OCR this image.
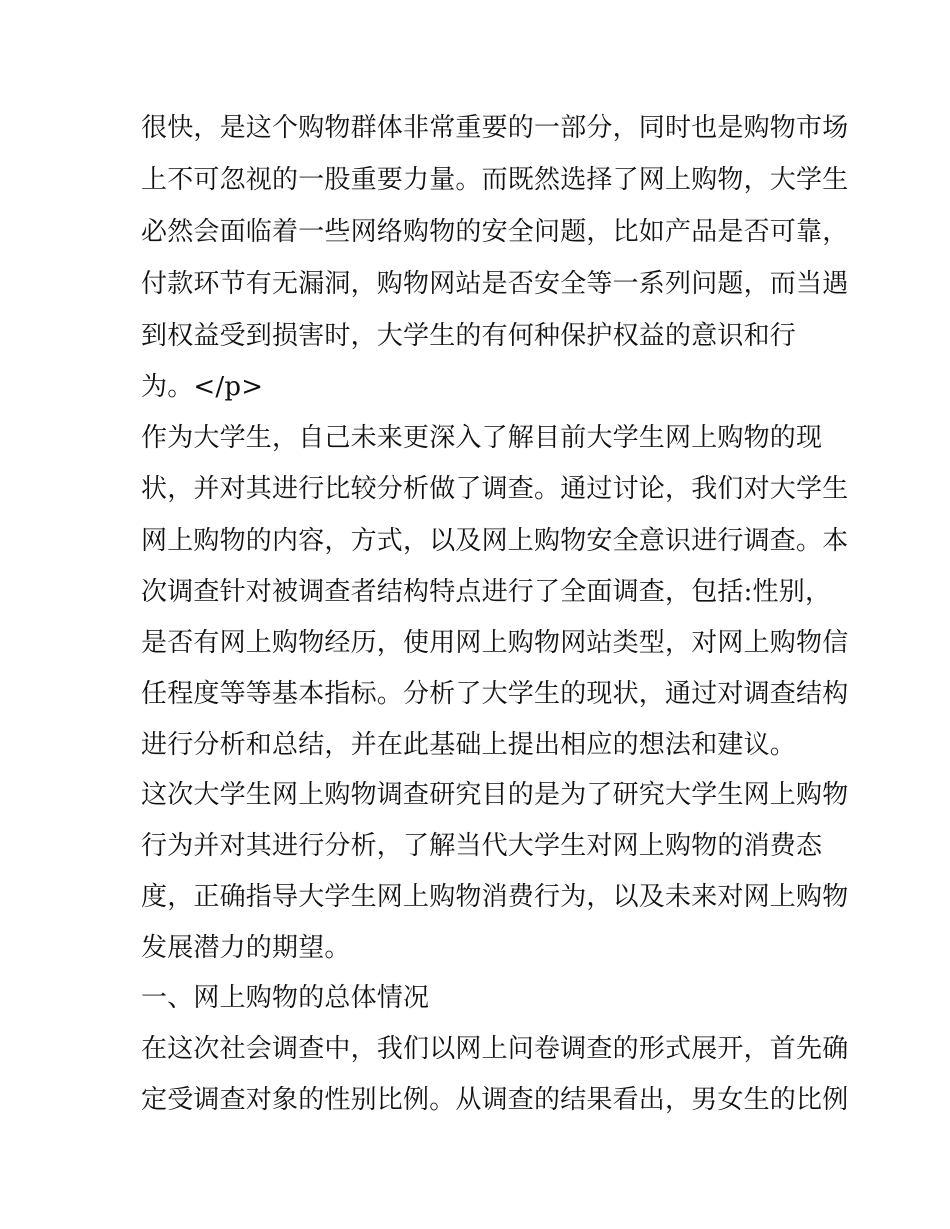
很快，是这个购物群体非常重要的一部分，同时也是购物市场
上不可忽视的一股重要力量。而既然选择了网上购物，大学生
必然会面临着一些网络购物的安全问题，比如产品是否可靠，
付款环节有无漏洞，购物网站是否安全等一系列问题，而当遇
到权益受到损害时，大学生的有何种保护权益的意识和行
为。</p>
作为大学生，自己未来更深入了解目前大学生网上购物的现
状，并对其进行比较分析做了调查。通过讨论，我们对大学生
网上购物的内容，方式，以及网上购物安全意识进行调查。本
次调查针对被调查者结构特点进行了全面调查，包括:性别，
是否有网上购物经历，使用网上购物网站类型，对网上购物信
任程度等等基本指标。分析了大学生的现状，通过对调查结构
进行分析和总结，并在此基础上提出相应的想法和建议。
这次大学生网上购物调查研究目的是为了研究大学生网上购物
行为并对其进行分析，了解当代大学生对网上购物的消费态
度，正确指导大学生网上购物消费行为，以及未来对网上购物
发展潜力的期望。
一、网上购物的总体情况
在这次社会调查中，我们以网上问卷调查的形式展开，首先确
定受调查对象的性别比例。从调查的结果看出，男女生的比例
